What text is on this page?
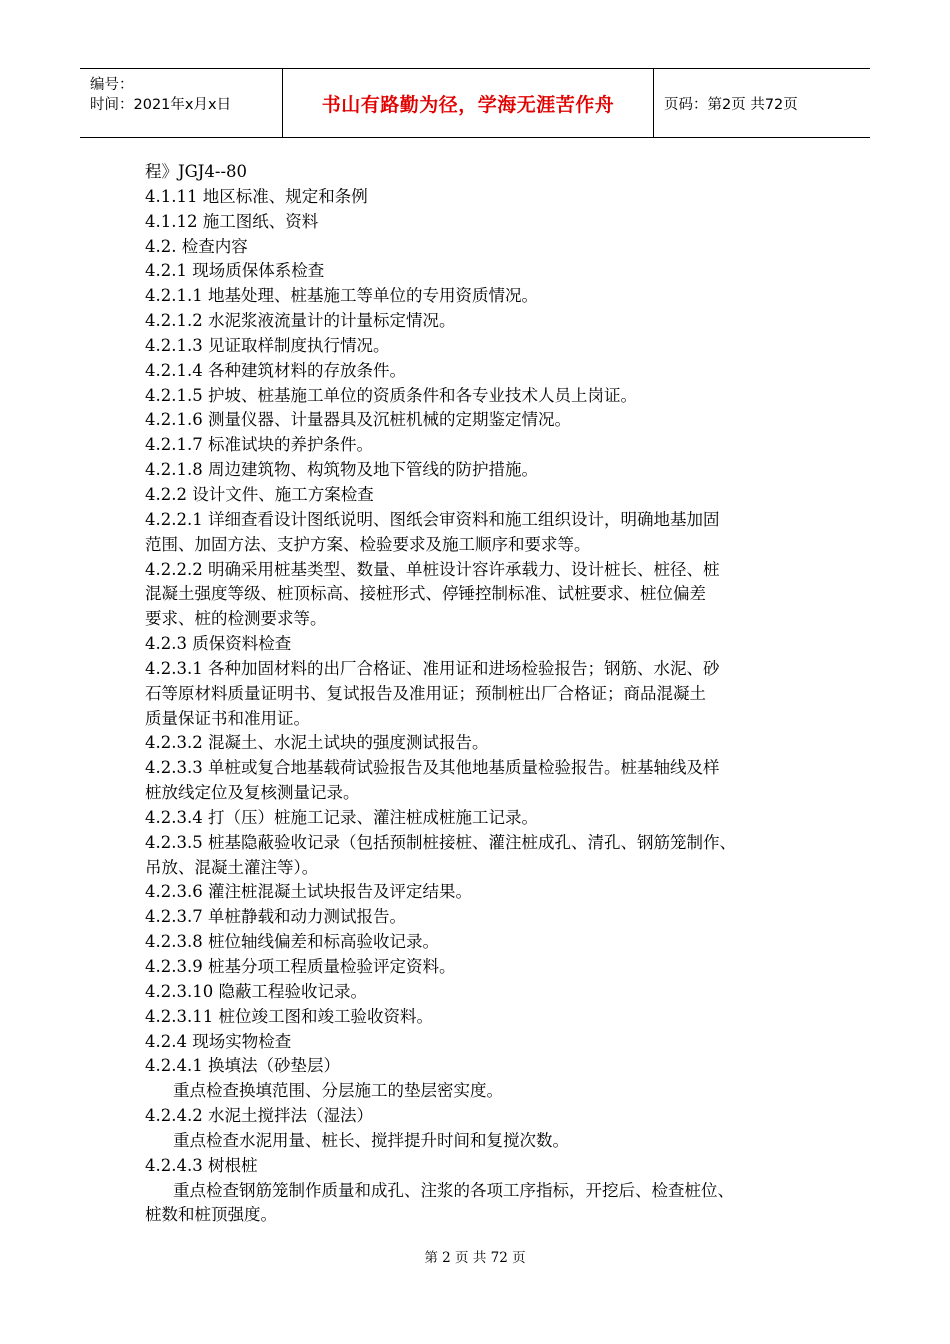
编号：
时间：2021年x月x日	书山有路勤为径，学海无涯苦作舟	页码：第2页 共72页
程》JGJ4--80
4.1.11 地区标准、规定和条例
4.1.12 施工图纸、资料
4.2. 检查内容
4.2.1 现场质保体系检查
4.2.1.1 地基处理、桩基施工等单位的专用资质情况。
4.2.1.2 水泥浆液流量计的计量标定情况。
4.2.1.3 见证取样制度执行情况。
4.2.1.4 各种建筑材料的存放条件。
4.2.1.5 护坡、桩基施工单位的资质条件和各专业技术人员上岗证。
4.2.1.6 测量仪器、计量器具及沉桩机械的定期鉴定情况。
4.2.1.7 标准试块的养护条件。
4.2.1.8 周边建筑物、构筑物及地下管线的防护措施。
4.2.2 设计文件、施工方案检查
4.2.2.1 详细查看设计图纸说明、图纸会审资料和施工组织设计，明确地基加固
范围、加固方法、支护方案、检验要求及施工顺序和要求等。
4.2.2.2 明确采用桩基类型、数量、单桩设计容许承载力、设计桩长、桩径、桩
混凝土强度等级、桩顶标高、接桩形式、停锤控制标准、试桩要求、桩位偏差
要求、桩的检测要求等。
4.2.3 质保资料检查
4.2.3.1 各种加固材料的出厂合格证、准用证和进场检验报告；钢筋、水泥、砂
石等原材料质量证明书、复试报告及准用证；预制桩出厂合格证；商品混凝土
质量保证书和准用证。
4.2.3.2 混凝土、水泥土试块的强度测试报告。
4.2.3.3 单桩或复合地基载荷试验报告及其他地基质量检验报告。桩基轴线及样
桩放线定位及复核测量记录。
4.2.3.4 打（压）桩施工记录、灌注桩成桩施工记录。
4.2.3.5 桩基隐蔽验收记录（包括预制桩接桩、灌注桩成孔、清孔、钢筋笼制作、
吊放、混凝土灌注等）。
4.2.3.6 灌注桩混凝土试块报告及评定结果。
4.2.3.7 单桩静载和动力测试报告。
4.2.3.8 桩位轴线偏差和标高验收记录。
4.2.3.9 桩基分项工程质量检验评定资料。
4.2.3.10 隐蔽工程验收记录。
4.2.3.11 桩位竣工图和竣工验收资料。
4.2.4 现场实物检查
4.2.4.1 换填法（砂垫层）
重点检查换填范围、分层施工的垫层密实度。
4.2.4.2 水泥土搅拌法（湿法）
重点检查水泥用量、桩长、搅拌提升时间和复搅次数。
4.2.4.3 树根桩
重点检查钢筋笼制作质量和成孔、注浆的各项工序指标，开挖后、检查桩位、
桩数和桩顶强度。
第 2 页 共 72 页
